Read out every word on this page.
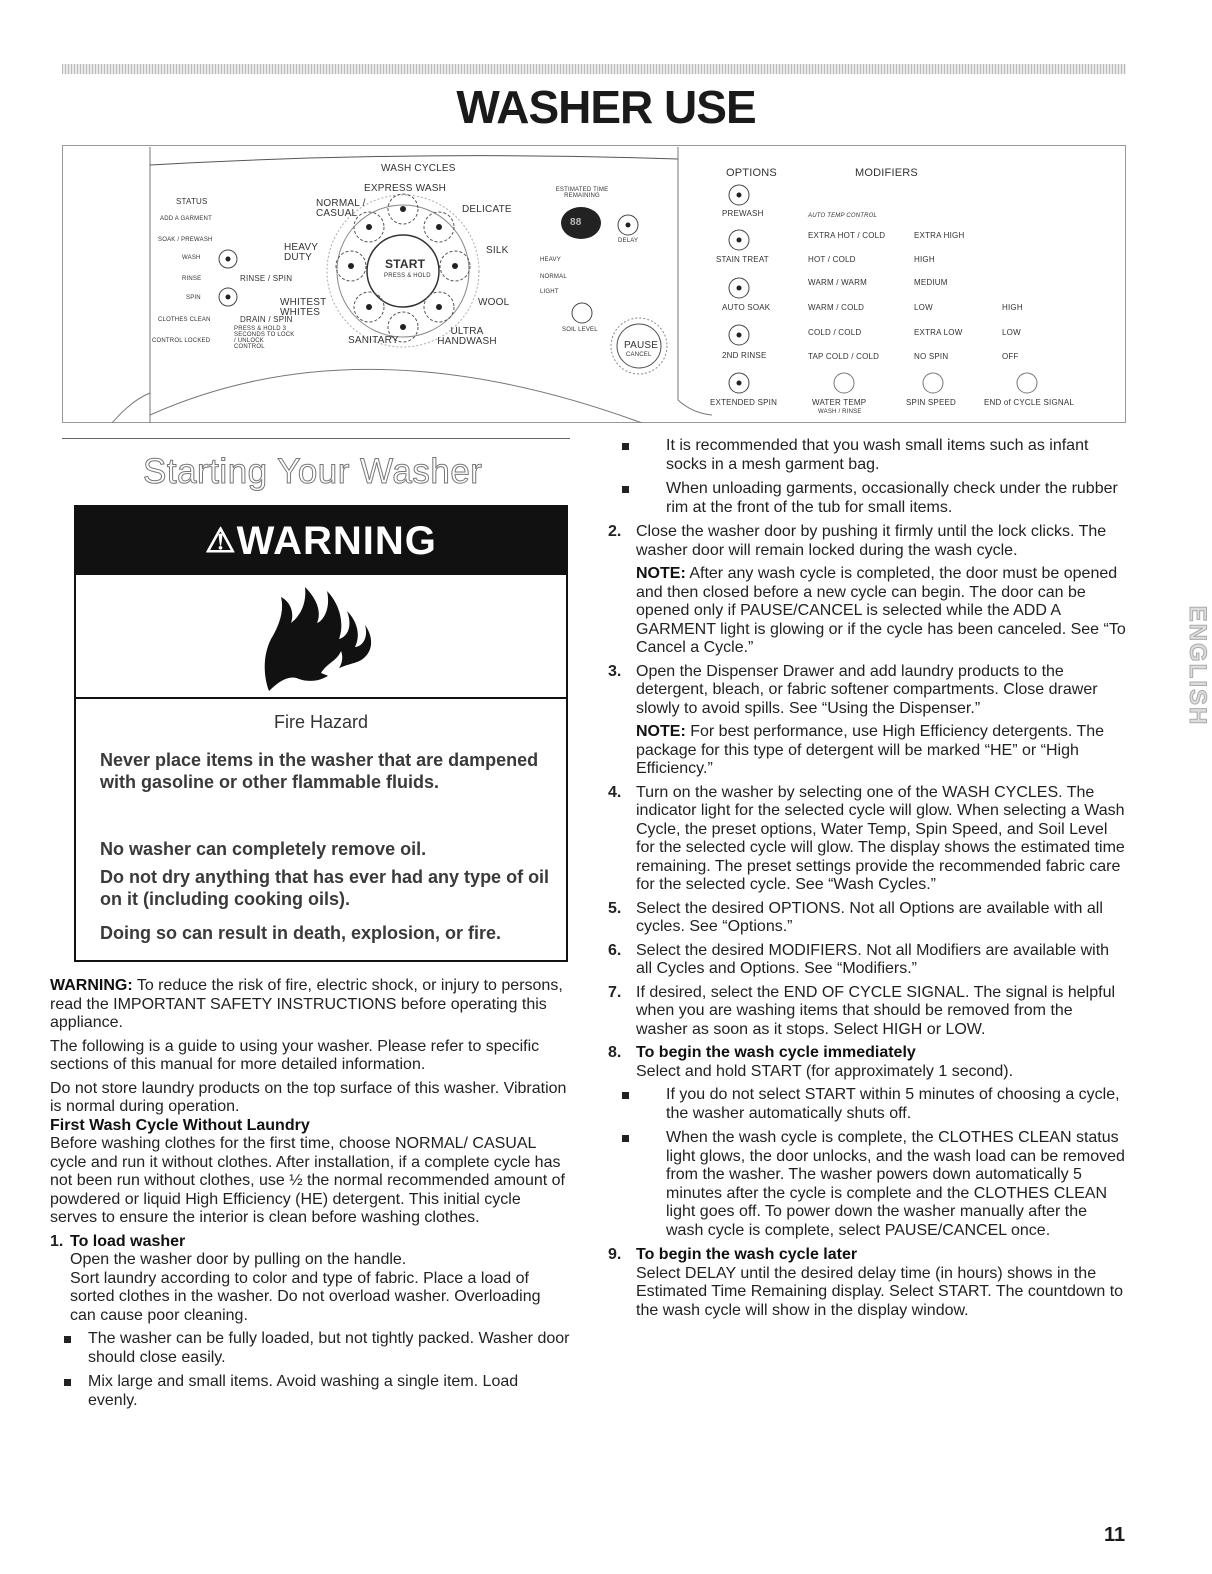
WASHER USE
STATUS
ADD A GARMENT
SOAK / PREWASH
WASH
RINSE
SPIN
CLOTHES CLEAN
CONTROL LOCKED
RINSE / SPIN
DRAIN / SPIN
PRESS & HOLD 3 SECONDS TO LOCK / UNLOCK CONTROL
WASH CYCLES
EXPRESS WASH
NORMAL / CASUAL	DELICATE
HEAVY DUTY
SILK
WHITEST WHITES
WOOL
SANITARY
ULTRA HANDWASH
START
PRESS & HOLD
ESTIMATED TIME REMAINING
88
DELAY
HEAVY
NORMAL
LIGHT
SOIL LEVEL
PAUSE
CANCEL
OPTIONS	MODIFIERS
PREWASH
STAIN TREAT
AUTO SOAK
2ND RINSE
EXTENDED SPIN
AUTO TEMP CONTROL
EXTRA HOT / COLD
HOT / COLD
WARM / WARM
WARM / COLD
COLD / COLD
TAP COLD / COLD
EXTRA HIGH
HIGH
MEDIUM
LOW
EXTRA LOW
NO SPIN
HIGH
LOW
OFF
WATER TEMP
WASH / RINSE
SPIN SPEED	END of CYCLE SIGNAL
Starting Your Washer
⚠WARNING
Fire Hazard
Never place items in the washer that are dampened with gasoline or other flammable fluids.
No washer can completely remove oil.
Do not dry anything that has ever had any type of oil on it (including cooking oils).
Doing so can result in death, explosion, or fire.

WARNING: To reduce the risk of fire, electric shock, or injury to persons, read the IMPORTANT SAFETY INSTRUCTIONS before operating this appliance.

The following is a guide to using your washer. Please refer to specific sections of this manual for more detailed information.

Do not store laundry products on the top surface of this washer. Vibration is normal during operation.

First Wash Cycle Without Laundry

Before washing clothes for the first time, choose NORMAL/ CASUAL cycle and run it without clothes. After installation, if a complete cycle has not been run without clothes, use ½ the normal recommended amount of powdered or liquid High Efficiency (HE) detergent. This initial cycle serves to ensure the interior is clean before washing clothes.

1. To load washer
Open the washer door by pulling on the handle.

Sort laundry according to color and type of fabric. Place a load of sorted clothes in the washer. Do not overload washer. Overloading can cause poor cleaning.

The washer can be fully loaded, but not tightly packed. Washer door should close easily.
Mix large and small items. Avoid washing a single item. Load evenly.
It is recommended that you wash small items such as infant socks in a mesh garment bag.
When unloading garments, occasionally check under the rubber rim at the front of the tub for small items.
2. Close the washer door by pushing it firmly until the lock clicks. The washer door will remain locked during the wash cycle.

NOTE: After any wash cycle is completed, the door must be opened and then closed before a new cycle can begin. The door can be opened only if PAUSE/CANCEL is selected while the ADD A GARMENT light is glowing or if the cycle has been canceled. See “To Cancel a Cycle.”

3. Open the Dispenser Drawer and add laundry products to the detergent, bleach, or fabric softener compartments. Close drawer slowly to avoid spills. See “Using the Dispenser.”

NOTE: For best performance, use High Efficiency detergents. The package for this type of detergent will be marked “HE” or “High Efficiency.”

4. Turn on the washer by selecting one of the WASH CYCLES. The indicator light for the selected cycle will glow. When selecting a Wash Cycle, the preset options, Water Temp, Spin Speed, and Soil Level for the selected cycle will glow. The display shows the estimated time remaining. The preset settings provide the recommended fabric care for the selected cycle. See “Wash Cycles.”

5. Select the desired OPTIONS. Not all Options are available with all cycles. See “Options.”

6. Select the desired MODIFIERS. Not all Modifiers are available with all Cycles and Options. See “Modifiers.”

7. If desired, select the END OF CYCLE SIGNAL. The signal is helpful when you are washing items that should be removed from the washer as soon as it stops. Select HIGH or LOW.

8. To begin the wash cycle immediately

Select and hold START (for approximately 1 second).

If you do not select START within 5 minutes of choosing a cycle, the washer automatically shuts off.
When the wash cycle is complete, the CLOTHES CLEAN status light glows, the door unlocks, and the wash load can be removed from the washer. The washer powers down automatically 5 minutes after the cycle is complete and the CLOTHES CLEAN light goes off. To power down the washer manually after the wash cycle is complete, select PAUSE/CANCEL once.
9. To begin the wash cycle later

Select DELAY until the desired delay time (in hours) shows in the Estimated Time Remaining display. Select START. The countdown to the wash cycle will show in the display window.

ENGLISH
11
